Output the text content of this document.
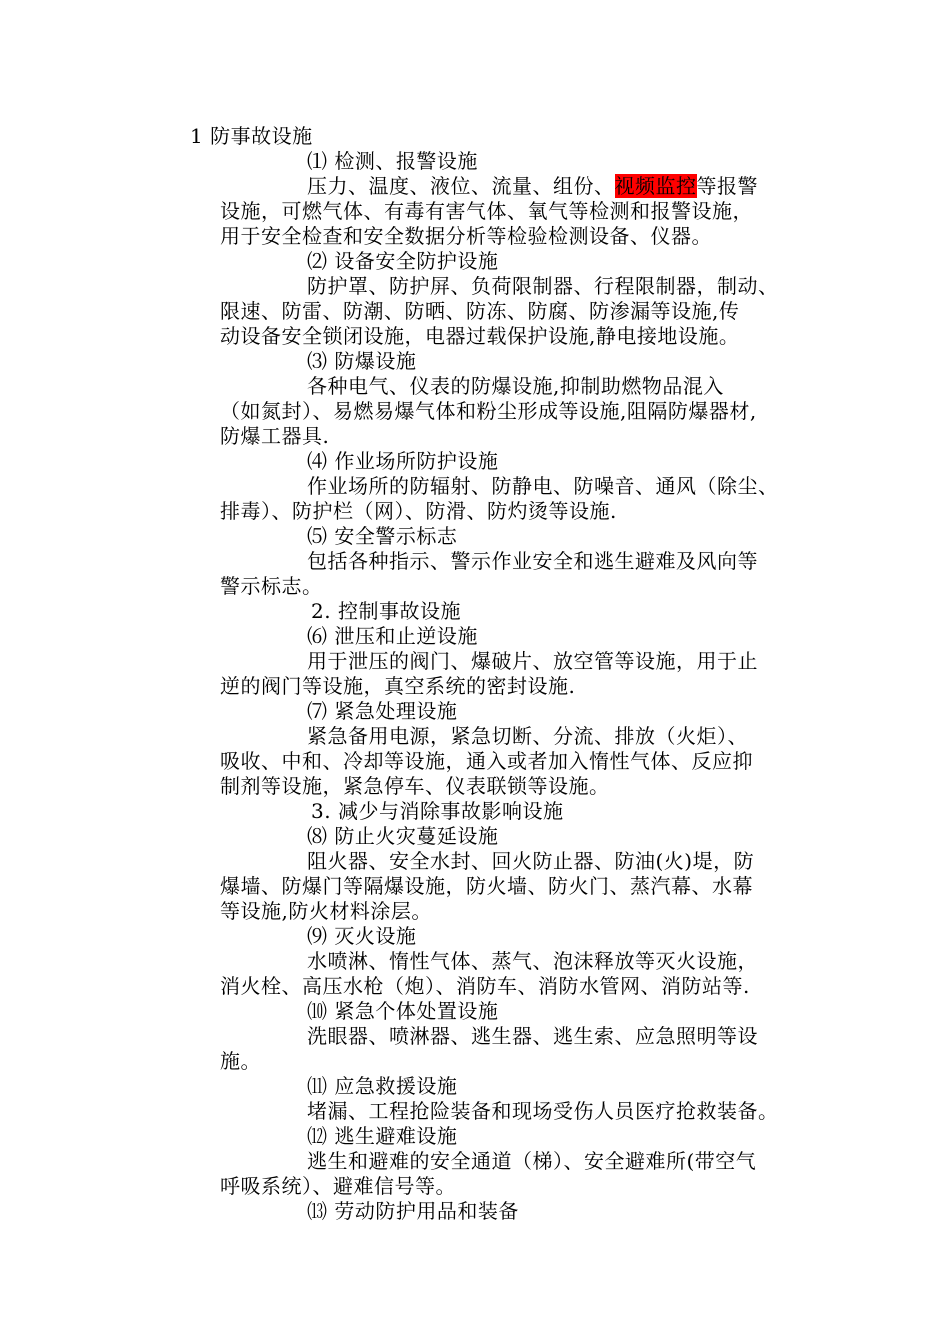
1 防事故设施
⑴ 检测、报警设施
压力、温度、液位、流量、组份、视频监控等报警
设施，可燃气体、有毒有害气体、氧气等检测和报警设施，
用于安全检查和安全数据分析等检验检测设备、仪器。
⑵ 设备安全防护设施
防护罩、防护屏、负荷限制器、行程限制器，制动、
限速、防雷、防潮、防晒、防冻、防腐、防渗漏等设施,传
动设备安全锁闭设施，电器过载保护设施,静电接地设施。
⑶ 防爆设施
各种电气、仪表的防爆设施,抑制助燃物品混入
（如氮封）、易燃易爆气体和粉尘形成等设施,阻隔防爆器材,
防爆工器具.
⑷ 作业场所防护设施
作业场所的防辐射、防静电、防噪音、通风（除尘、
排毒）、防护栏（网）、防滑、防灼烫等设施.
⑸ 安全警示标志
包括各种指示、警示作业安全和逃生避难及风向等
警示标志。
2. 控制事故设施
⑹ 泄压和止逆设施
用于泄压的阀门、爆破片、放空管等设施，用于止
逆的阀门等设施，真空系统的密封设施.
⑺ 紧急处理设施
紧急备用电源，紧急切断、分流、排放（火炬）、
吸收、中和、冷却等设施，通入或者加入惰性气体、反应抑
制剂等设施，紧急停车、仪表联锁等设施。
3. 减少与消除事故影响设施
⑻ 防止火灾蔓延设施
阻火器、安全水封、回火防止器、防油(火)堤，防
爆墙、防爆门等隔爆设施，防火墙、防火门、蒸汽幕、水幕
等设施,防火材料涂层。
⑼ 灭火设施
水喷淋、惰性气体、蒸气、泡沫释放等灭火设施，
消火栓、高压水枪（炮）、消防车、消防水管网、消防站等.
⑽ 紧急个体处置设施
洗眼器、喷淋器、逃生器、逃生索、应急照明等设
施。
⑾ 应急救援设施
堵漏、工程抢险装备和现场受伤人员医疗抢救装备。
⑿ 逃生避难设施
逃生和避难的安全通道（梯）、安全避难所(带空气
呼吸系统）、避难信号等。
⒀ 劳动防护用品和装备
